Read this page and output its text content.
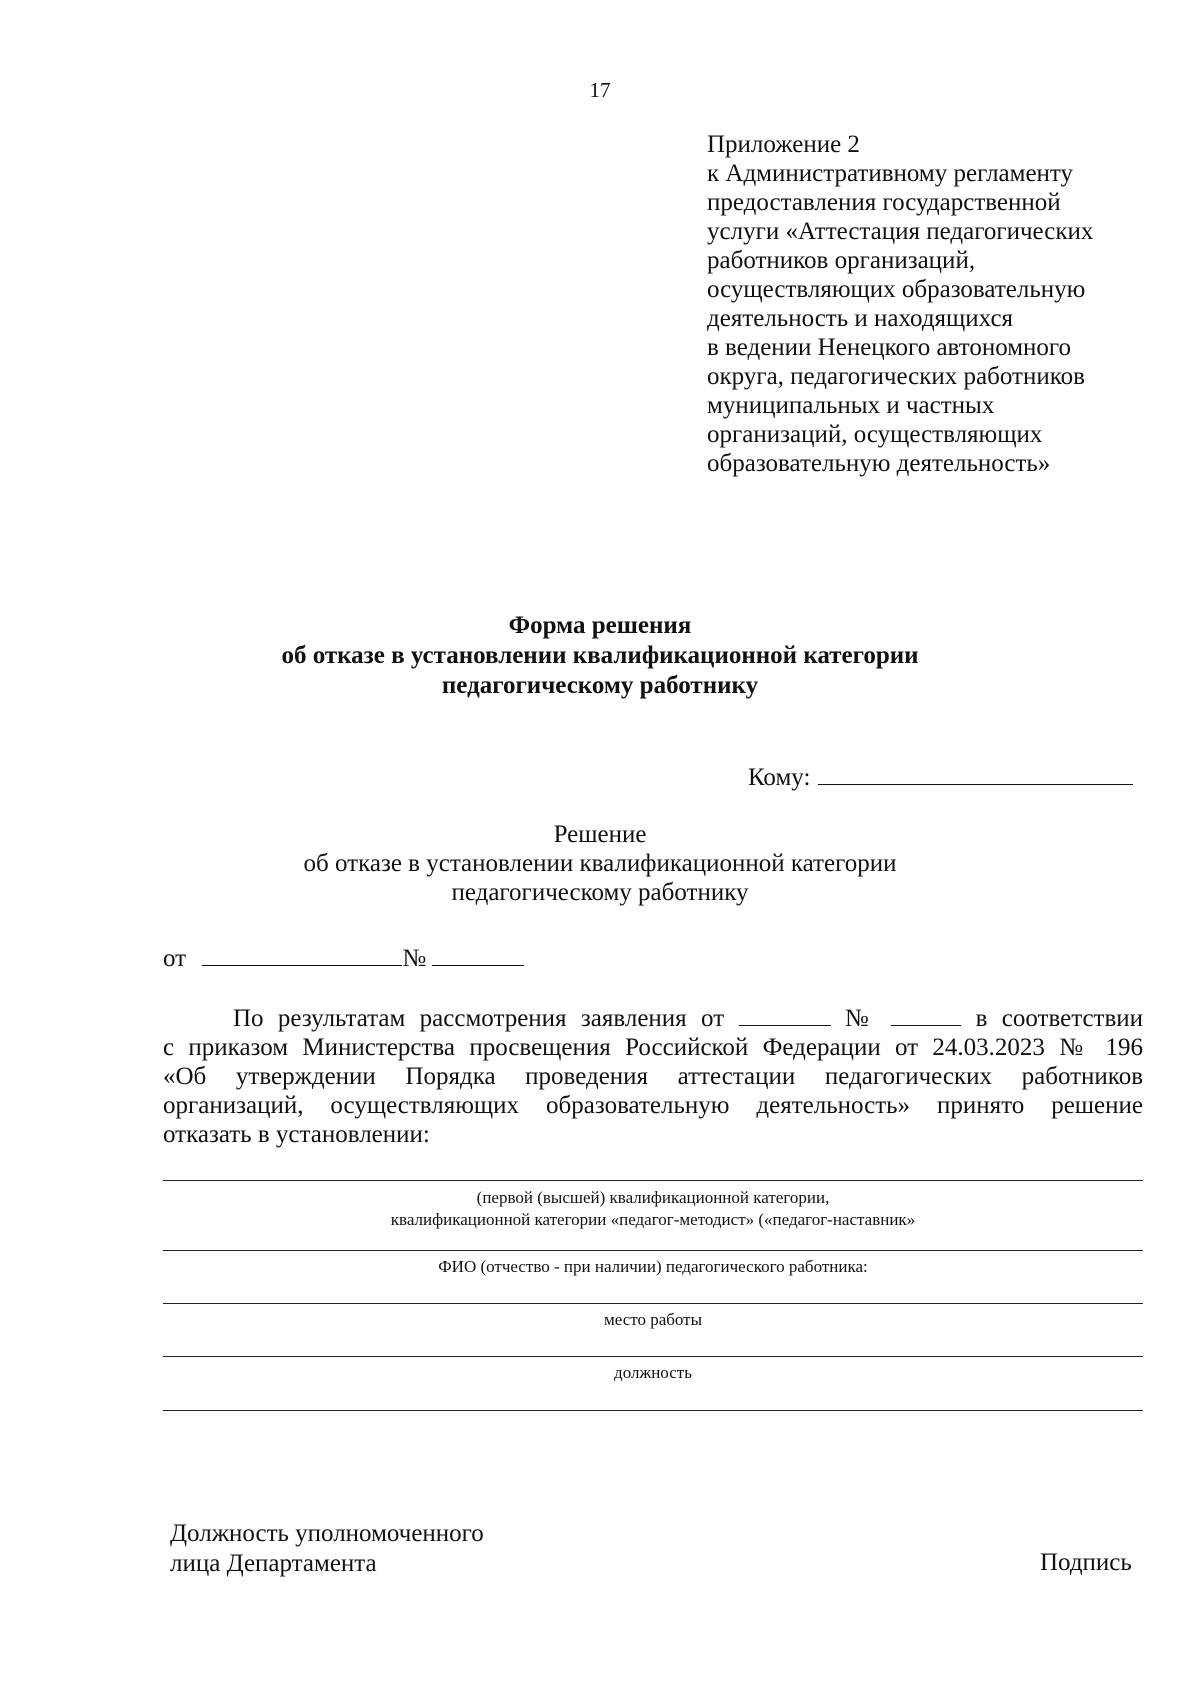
17
Приложение 2
к Административному регламенту
предоставления государственной
услуги «Аттестация педагогических
работников организаций,
осуществляющих образовательную
деятельность и находящихся
в ведении Ненецкого автономного
округа, педагогических работников
муниципальных и частных
организаций, осуществляющих
образовательную деятельность»
Форма решения
об отказе в установлении квалификационной категории
педагогическому работнику
Кому:
Решение
об отказе в установлении квалификационной категории
педагогическому работнику
от	№
По результатам рассмотрения заявления от	№	в соответствии
с приказом Министерства просвещения Российской Федерации от 24.03.2023 № 196
«Об утверждении Порядка проведения аттестации педагогических работников
организаций, осуществляющих образовательную деятельность» принято решение
отказать в установлении:
(первой (высшей) квалификационной категории,
квалификационной категории «педагог-методист» («педагог-наставник»
ФИО (отчество - при наличии) педагогического работника:
место работы
должность
Должность уполномоченного
лица Департамента	Подпись
